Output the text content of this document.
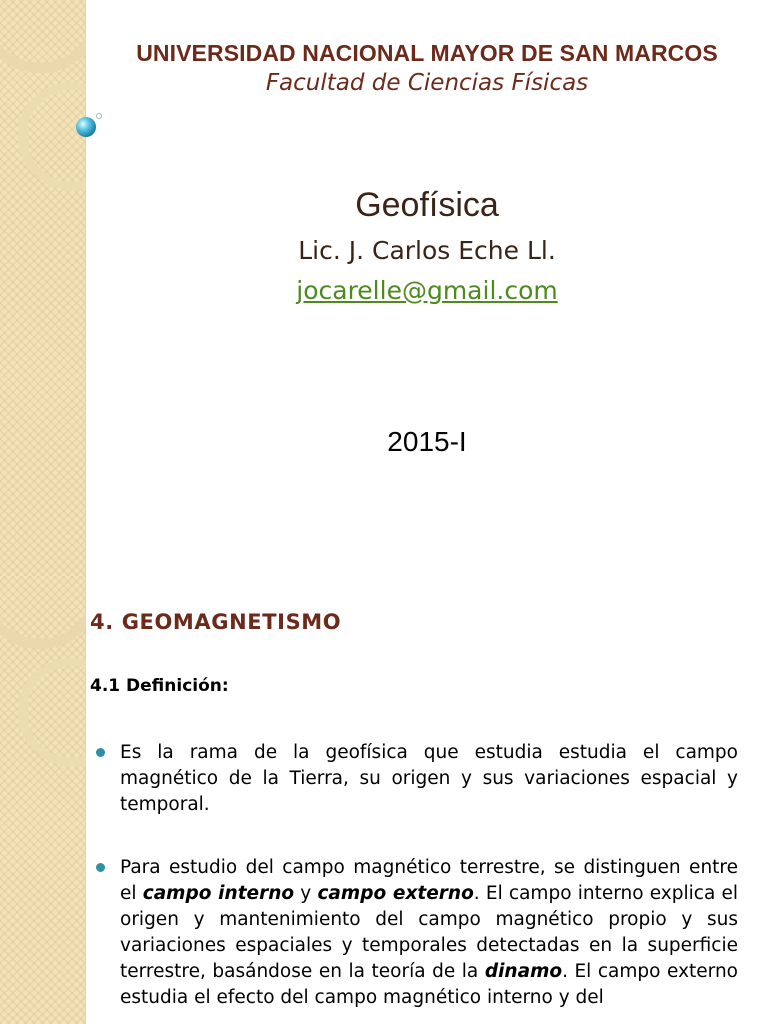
UNIVERSIDAD NACIONAL MAYOR DE SAN MARCOS
Facultad de Ciencias Físicas
Geofísica
Lic. J. Carlos Eche Ll.
jocarelle@gmail.com
2015-I
4. GEOMAGNETISMO
4.1 Definición:
Es la rama de la geofísica que estudia estudia el campo magnético de la Tierra, su origen y sus variaciones espacial y temporal.
Para estudio del campo magnético terrestre, se distinguen entre el campo interno y campo externo. El campo interno explica el origen y mantenimiento del campo magnético propio y sus variaciones espaciales y temporales detectadas en la superficie terrestre, basándose en la teoría de la dinamo. El campo externo estudia el efecto del campo magnético interno y del
